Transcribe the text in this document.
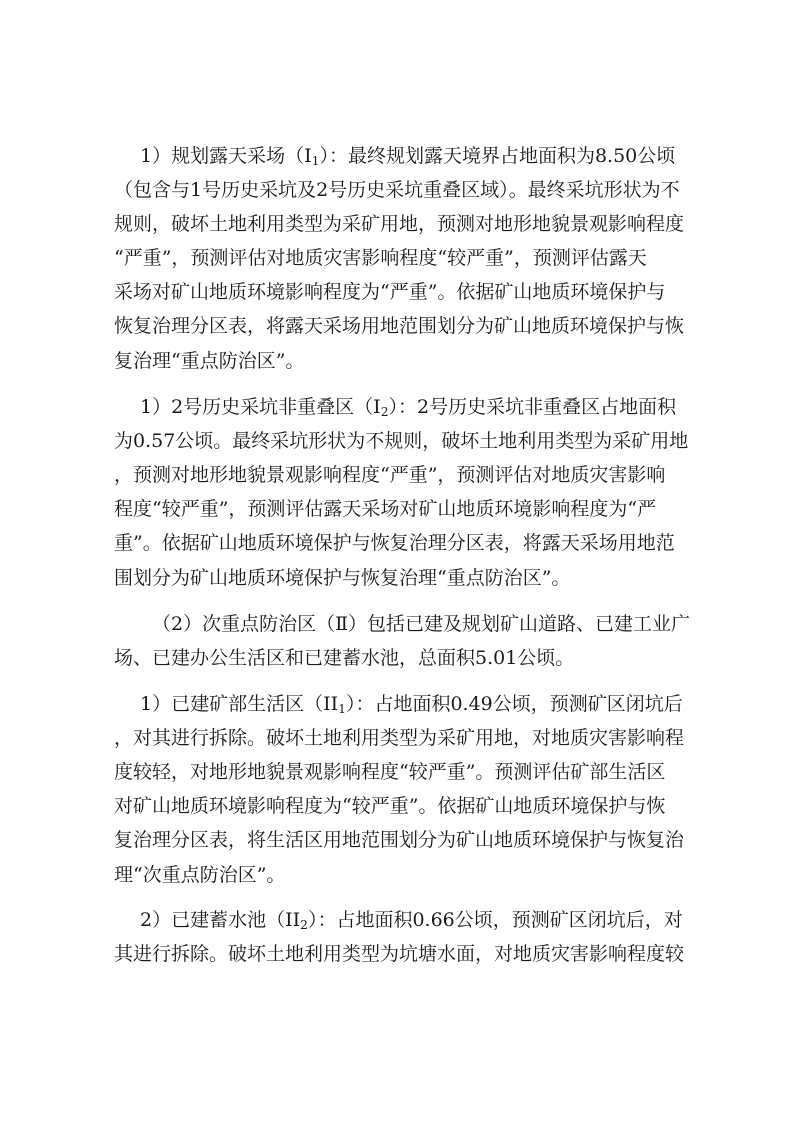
1）规划露天采场$(I_1)$：最终规划露天境界占地面积为8.50公顷
（包含与1号历史采坑及2号历史采坑重叠区域）。最终采坑形状为不
规则，破坏土地利用类型为采矿用地，预测对地形地貌景观影响程度
“严重”，预测评估对地质灾害影响程度“较严重”，预测评估露天
采场对矿山地质环境影响程度为“严重”。依据矿山地质环境保护与
恢复治理分区表，将露天采场用地范围划分为矿山地质环境保护与恢
复治理“重点防治区”。
1）2号历史采坑非重叠区$(I_2)$：2号历史采坑非重叠区占地面积
为0.57公顷。最终采坑形状为不规则，破坏土地利用类型为采矿用地
，预测对地形地貌景观影响程度“严重”，预测评估对地质灾害影响
程度“较严重”，预测评估露天采场对矿山地质环境影响程度为“严
重”。依据矿山地质环境保护与恢复治理分区表，将露天采场用地范
围划分为矿山地质环境保护与恢复治理“重点防治区”。
（2）次重点防治区（Ⅱ）包括已建及规划矿山道路、已建工业广
场、已建办公生活区和已建蓄水池，总面积5.01公顷。
1）已建矿部生活区$(II_1)$：占地面积0.49公顷，预测矿区闭坑后
，对其进行拆除。破坏土地利用类型为采矿用地，对地质灾害影响程
度较轻，对地形地貌景观影响程度“较严重”。预测评估矿部生活区
对矿山地质环境影响程度为“较严重”。依据矿山地质环境保护与恢
复治理分区表，将生活区用地范围划分为矿山地质环境保护与恢复治
理“次重点防治区”。
2）已建蓄水池$(II_2)$：占地面积0.66公顷，预测矿区闭坑后，对
其进行拆除。破坏土地利用类型为坑塘水面，对地质灾害影响程度较
